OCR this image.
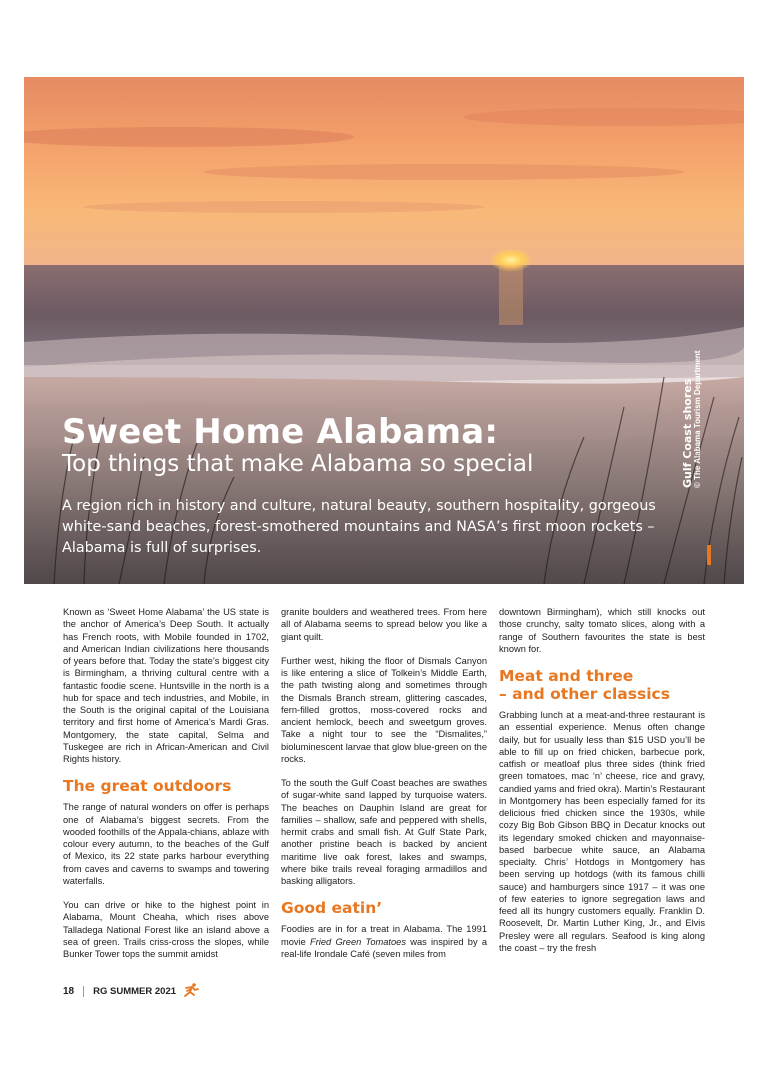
Sweet Home Alabama:
Top things that make Alabama so special
A region rich in history and culture, natural beauty, southern hospitality, gorgeous white-sand beaches, forest-smothered mountains and NASA’s first moon rockets – Alabama is full of surprises.
Gulf Coast shores © The Alabama Tourism Department

Known as ‘Sweet Home Alabama’ the US state is the anchor of America’s Deep South. It actually has French roots, with Mobile founded in 1702, and American Indian civilizations here thousands of years before that. Today the state’s biggest city is Birmingham, a thriving cultural centre with a fantastic foodie scene. Huntsville in the north is a hub for space and tech industries, and Mobile, in the South is the original capital of the Louisiana territory and first home of America’s Mardi Gras. Montgomery, the state capital, Selma and Tuskegee are rich in African-American and Civil Rights history.

The great outdoors

The range of natural wonders on offer is perhaps one of Alabama’s biggest secrets. From the wooded foothills of the Appala-chians, ablaze with colour every autumn, to the beaches of the Gulf of Mexico, its 22 state parks harbour everything from caves and caverns to swamps and towering waterfalls.

You can drive or hike to the highest point in Alabama, Mount Cheaha, which rises above Talladega National Forest like an island above a sea of green. Trails criss-cross the slopes, while Bunker Tower tops the summit amidst

granite boulders and weathered trees. From here all of Alabama seems to spread below you like a giant quilt.

Further west, hiking the floor of Dismals Canyon is like entering a slice of Tolkein’s Middle Earth, the path twisting along and sometimes through the Dismals Branch stream, glittering cascades, fern-filled grottos, moss-covered rocks and ancient hemlock, beech and sweetgum groves. Take a night tour to see the “Dismalites,” bioluminescent larvae that glow blue-green on the rocks.

To the south the Gulf Coast beaches are swathes of sugar-white sand lapped by turquoise waters. The beaches on Dauphin Island are great for families – shallow, safe and peppered with shells, hermit crabs and small fish. At Gulf State Park, another pristine beach is backed by ancient maritime live oak forest, lakes and swamps, where bike trails reveal foraging armadillos and basking alligators.

Good eatin’

Foodies are in for a treat in Alabama. The 1991 movie Fried Green Tomatoes was inspired by a real-life Irondale Café (seven miles from

downtown Birmingham), which still knocks out those crunchy, salty tomato slices, along with a range of Southern favourites the state is best known for.

Meat and three
– and other classics

Grabbing lunch at a meat-and-three restaurant is an essential experience. Menus often change daily, but for usually less than $15 USD you’ll be able to fill up on fried chicken, barbecue pork, catfish or meatloaf plus three sides (think fried green tomatoes, mac ‘n’ cheese, rice and gravy, candied yams and fried okra). Martin’s Restaurant in Montgomery has been especially famed for its delicious fried chicken since the 1930s, while cozy Big Bob Gibson BBQ in Decatur knocks out its legendary smoked chicken and mayonnaise-based barbecue white sauce, an Alabama specialty. Chris’ Hotdogs in Montgomery has been serving up hotdogs (with its famous chilli sauce) and hamburgers since 1917 – it was one of few eateries to ignore segregation laws and feed all its hungry customers equally. Franklin D. Roosevelt, Dr. Martin Luther King, Jr., and Elvis Presley were all regulars. Seafood is king along the coast – try the fresh

18 RG SUMMER 2021
